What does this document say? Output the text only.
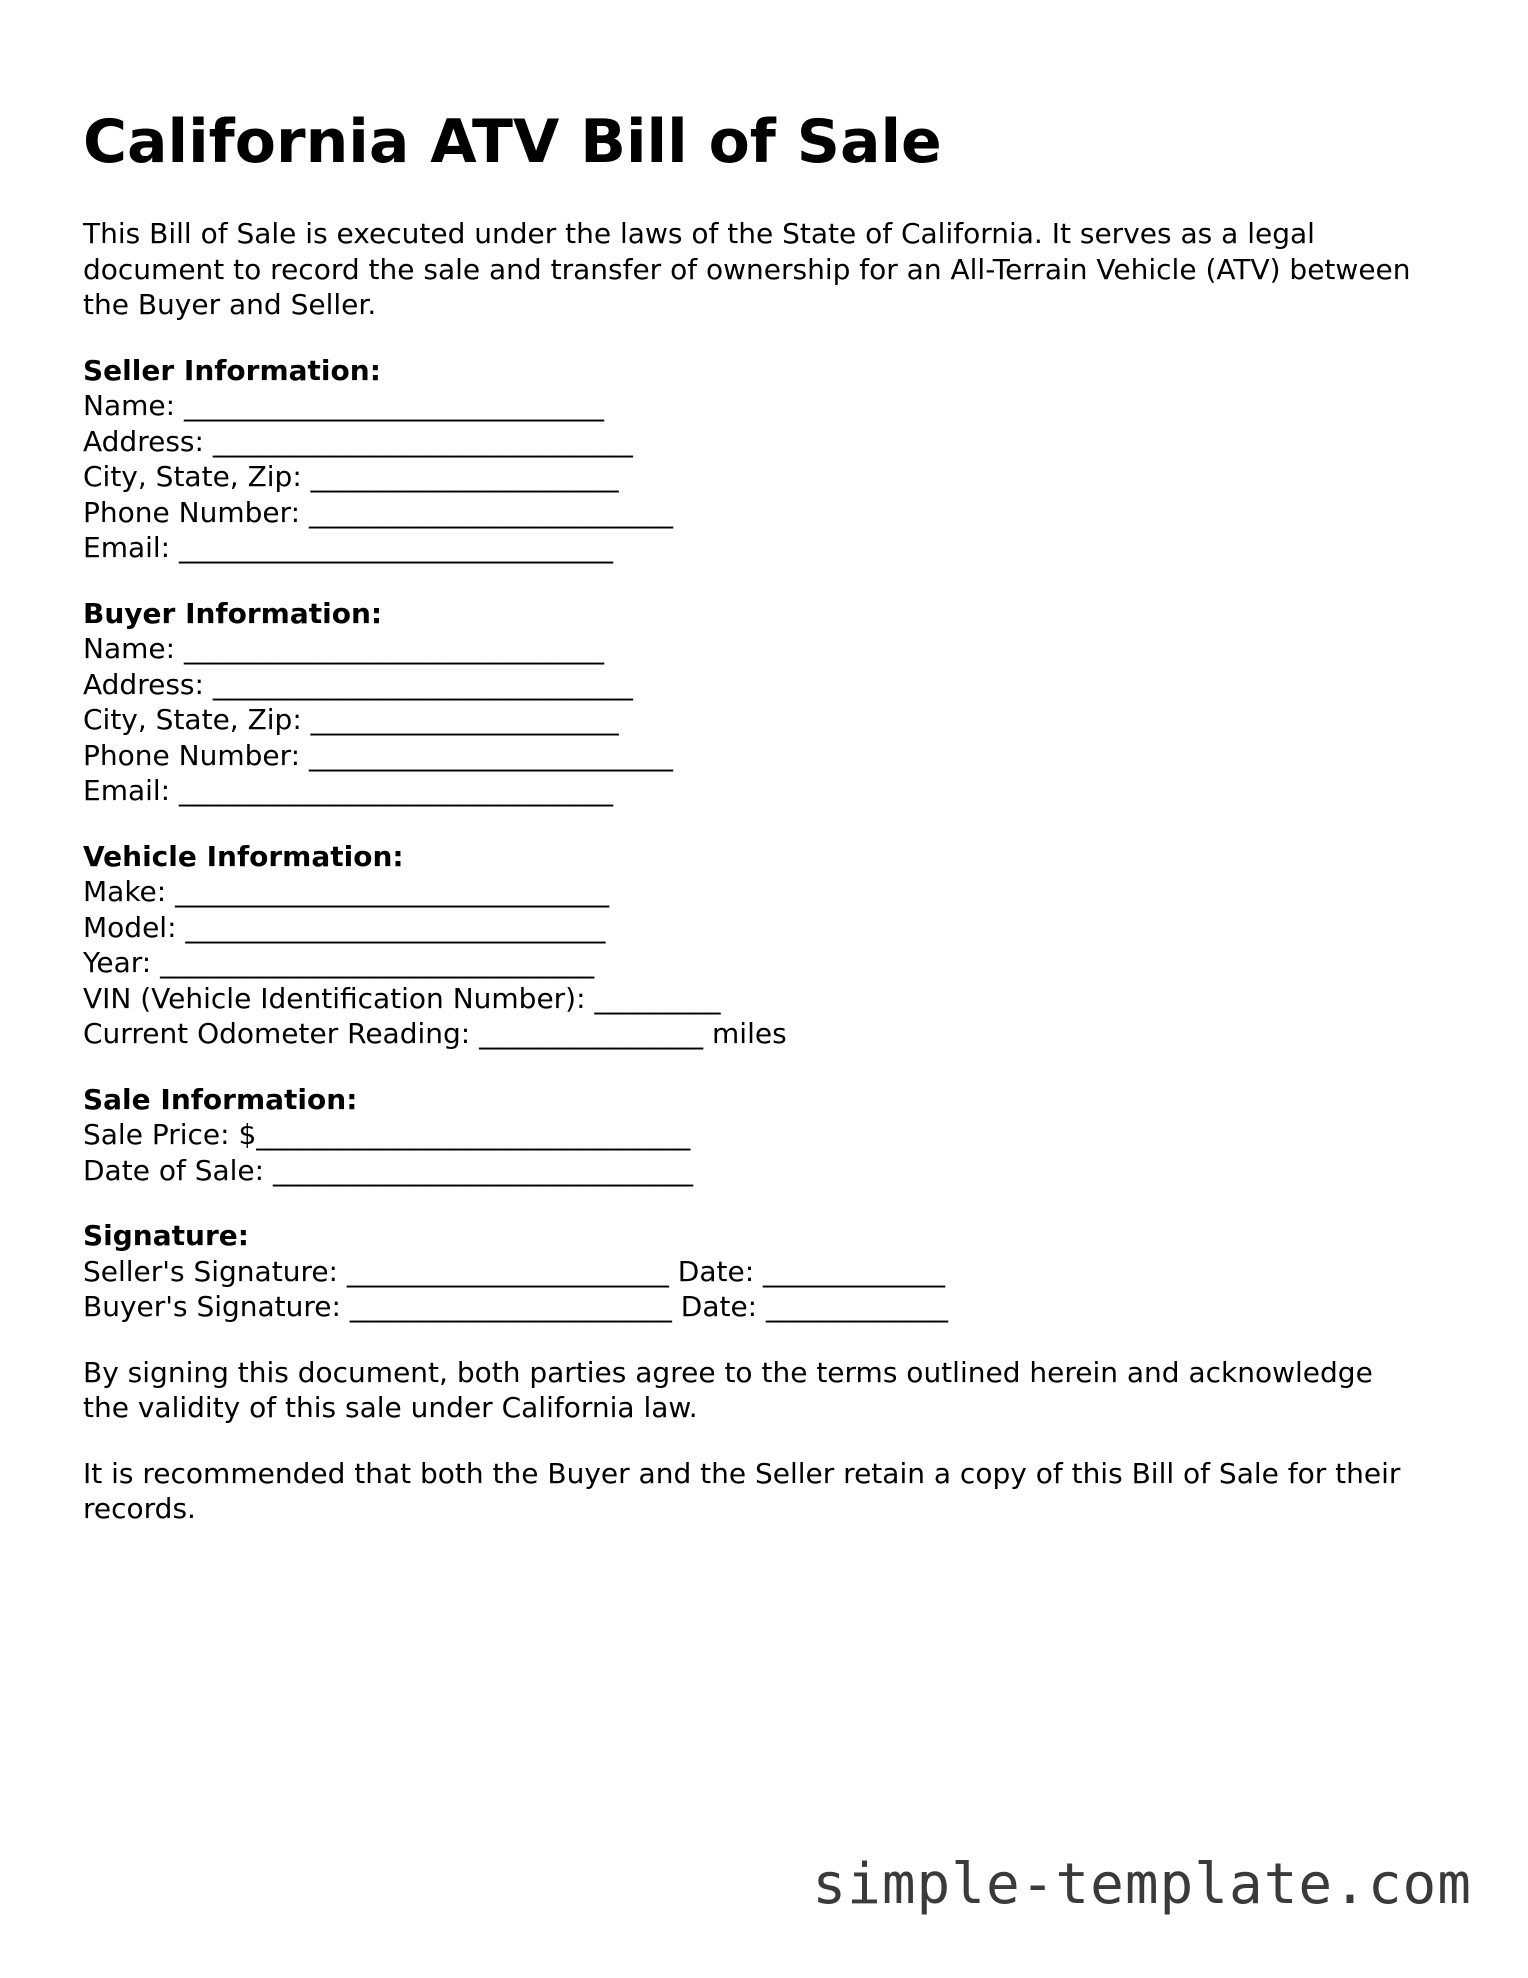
California ATV Bill of Sale

This Bill of Sale is executed under the laws of the State of California. It serves as a legal document to record the sale and transfer of ownership for an All-Terrain Vehicle (ATV) between the Buyer and Seller.

Seller Information:
Name: ______________________________
Address: ______________________________
City, State, Zip: ______________________
Phone Number: __________________________
Email: _______________________________
Buyer Information:
Name: ______________________________
Address: ______________________________
City, State, Zip: ______________________
Phone Number: __________________________
Email: _______________________________
Vehicle Information:
Make: _______________________________
Model: ______________________________
Year: _______________________________
VIN (Vehicle Identification Number): _________
Current Odometer Reading: ________________ miles
Sale Information:
Sale Price: $_______________________________
Date of Sale: ______________________________
Signature:
Seller's Signature: _______________________ Date: _____________
Buyer's Signature: _______________________ Date: _____________

By signing this document, both parties agree to the terms outlined herein and acknowledge the validity of this sale under California law.

It is recommended that both the Buyer and the Seller retain a copy of this Bill of Sale for their records.

simple-template.com
